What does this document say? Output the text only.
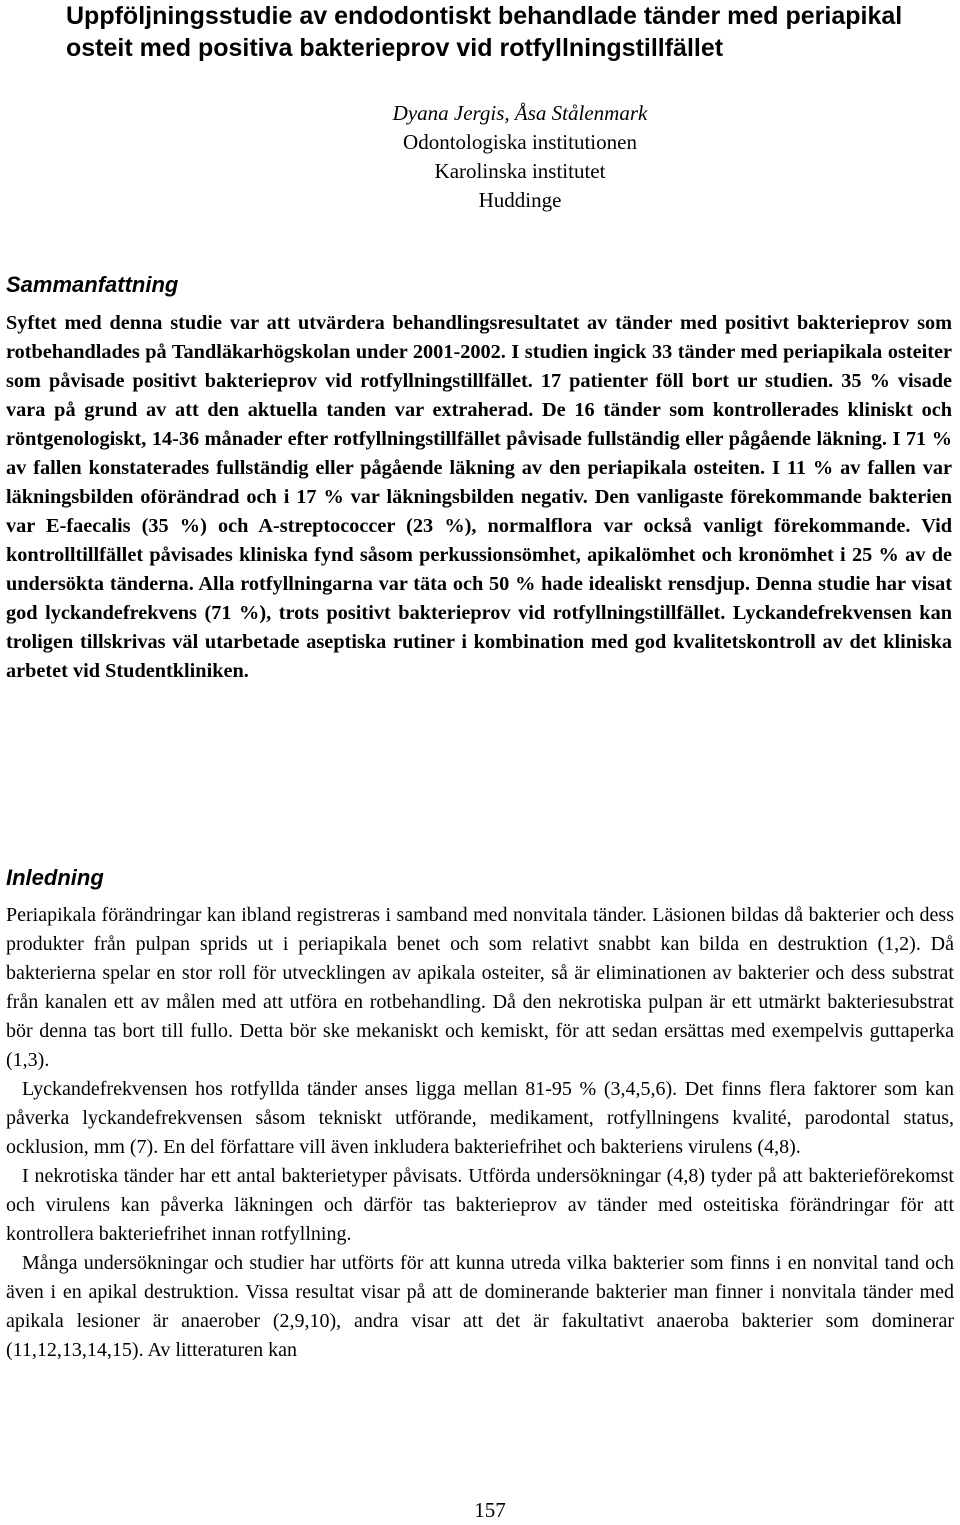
Uppföljningsstudie av endodontiskt behandlade tänder med periapikal osteit med positiva bakterieprov vid rotfyllningstillfället
Dyana Jergis, Åsa Stålenmark
Odontologiska institutionen
Karolinska institutet
Huddinge
Sammanfattning

Syftet med denna studie var att utvärdera behandlingsresultatet av tänder med positivt bakterieprov som rotbehandlades på Tandläkarhögskolan under 2001-2002. I studien ingick 33 tänder med periapikala osteiter som påvisade positivt bakterieprov vid rotfyllningstillfället. 17 patienter föll bort ur studien. 35 % visade vara på grund av att den aktuella tanden var extraherad. De 16 tänder som kontrollerades kliniskt och röntgenologiskt, 14-36 månader efter rotfyllningstillfället påvisade fullständig eller pågående läkning. I 71 % av fallen konstaterades fullständig eller pågående läkning av den periapikala osteiten. I 11 % av fallen var läkningsbilden oförändrad och i 17 % var läkningsbilden negativ. Den vanligaste förekommande bakterien var E-faecalis (35 %) och A-streptococcer (23 %), normalflora var också vanligt förekommande. Vid kontrolltillfället påvisades kliniska fynd såsom perkussionsömhet, apikalömhet och kronömhet i 25 % av de undersökta tänderna. Alla rotfyllningarna var täta och 50 % hade idealiskt rensdjup. Denna studie har visat god lyckandefrekvens (71 %), trots positivt bakterieprov vid rotfyllningstillfället. Lyckandefrekvensen kan troligen tillskrivas väl utarbetade aseptiska rutiner i kombination med god kvalitetskontroll av det kliniska arbetet vid Studentkliniken.

Inledning

Periapikala förändringar kan ibland registreras i samband med nonvitala tänder. Läsionen bildas då bakterier och dess produkter från pulpan sprids ut i periapikala benet och som relativt snabbt kan bilda en destruktion (1,2). Då bakterierna spelar en stor roll för utvecklingen av apikala osteiter, så är eliminationen av bakterier och dess substrat från kanalen ett av målen med att utföra en rotbehandling. Då den nekrotiska pulpan är ett utmärkt bakteriesubstrat bör denna tas bort till fullo. Detta bör ske mekaniskt och kemiskt, för att sedan ersättas med exempelvis guttaperka (1,3).

Lyckandefrekvensen hos rotfyllda tänder anses ligga mellan 81-95 % (3,4,5,6). Det finns flera faktorer som kan påverka lyckandefrekvensen såsom tekniskt utförande, medikament, rotfyllningens kvalité, parodontal status, ocklusion, mm (7). En del författare vill även inkludera bakteriefrihet och bakteriens virulens (4,8).

I nekrotiska tänder har ett antal bakterietyper påvisats. Utförda undersökningar (4,8) tyder på att bakterieförekomst och virulens kan påverka läkningen och därför tas bakterieprov av tänder med osteitiska förändringar för att kontrollera bakteriefrihet innan rotfyllning.

Många undersökningar och studier har utförts för att kunna utreda vilka bakterier som finns i en nonvital tand och även i en apikal destruktion. Vissa resultat visar på att de dominerande bakterier man finner i nonvitala tänder med apikala lesioner är anaerober (2,9,10), andra visar att det är fakultativt anaeroba bakterier som dominerar (11,12,13,14,15). Av litteraturen kan

157
